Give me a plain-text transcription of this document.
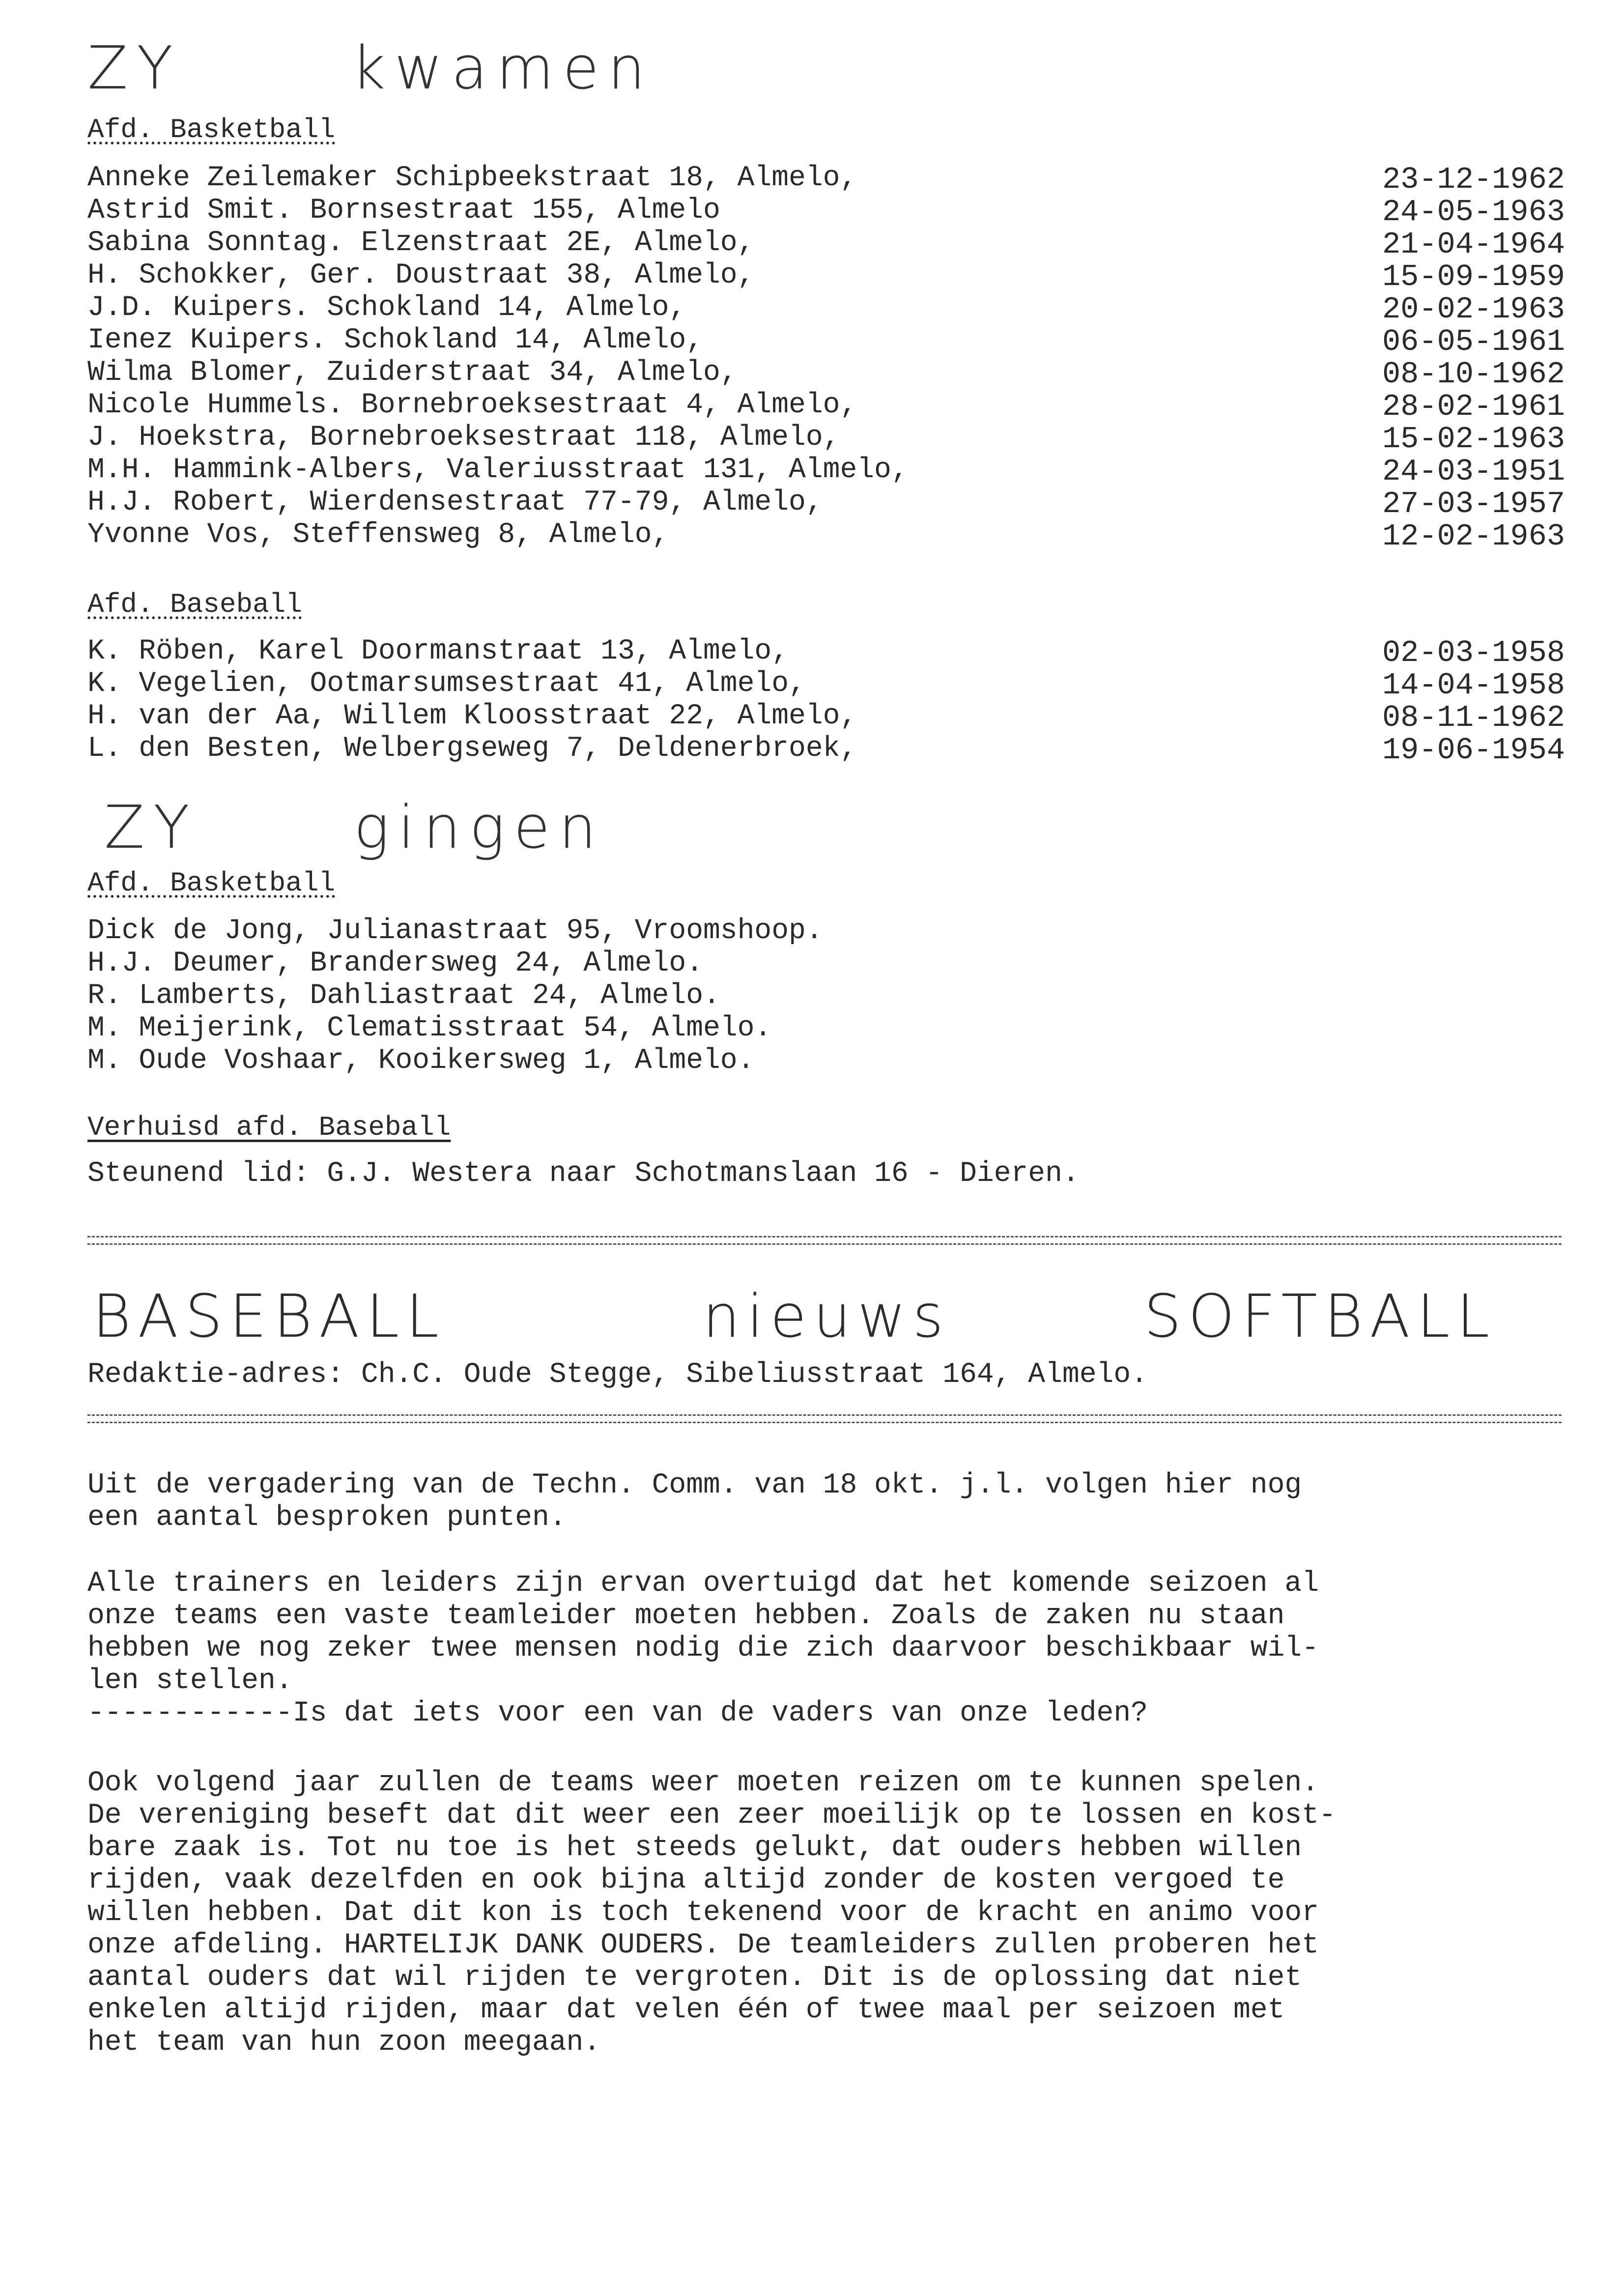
ZY	kwamen
Afd. Basketball
Anneke Zeilemaker Schipbeekstraat 18, Almelo,	23-12-1962
Astrid Smit. Bornsestraat 155, Almelo	24-05-1963
Sabina Sonntag. Elzenstraat 2E, Almelo,	21-04-1964
H. Schokker, Ger. Doustraat 38, Almelo,	15-09-1959
J.D. Kuipers. Schokland 14, Almelo,	20-02-1963
Ienez Kuipers. Schokland 14, Almelo,	06-05-1961
Wilma Blomer, Zuiderstraat 34, Almelo,	08-10-1962
Nicole Hummels. Bornebroeksestraat 4, Almelo,	28-02-1961
J. Hoekstra, Bornebroeksestraat 118, Almelo,	15-02-1963
M.H. Hammink-Albers, Valeriusstraat 131, Almelo,	24-03-1951
H.J. Robert, Wierdensestraat 77-79, Almelo,	27-03-1957
Yvonne Vos, Steffensweg 8, Almelo,	12-02-1963
Afd. Baseball
K. Röben, Karel Doormanstraat 13, Almelo,	02-03-1958
K. Vegelien, Ootmarsumsestraat 41, Almelo,	14-04-1958
H. van der Aa, Willem Kloosstraat 22, Almelo,	08-11-1962
L. den Besten, Welbergseweg 7, Deldenerbroek,	19-06-1954
ZY	gingen
Afd. Basketball
Dick de Jong, Julianastraat 95, Vroomshoop.
H.J. Deumer, Brandersweg 24, Almelo.
R. Lamberts, Dahliastraat 24, Almelo.
M. Meijerink, Clematisstraat 54, Almelo.
M. Oude Voshaar, Kooikersweg 1, Almelo.
Verhuisd afd. Baseball
Steunend lid: G.J. Westera naar Schotmanslaan 16 - Dieren.
BASEBALL	nieuws	SOFTBALL
Redaktie-adres: Ch.C. Oude Stegge, Sibeliusstraat 164, Almelo.
Uit de vergadering van de Techn. Comm. van 18 okt. j.l. volgen hier nog
een aantal besproken punten.
Alle trainers en leiders zijn ervan overtuigd dat het komende seizoen al
onze teams een vaste teamleider moeten hebben. Zoals de zaken nu staan
hebben we nog zeker twee mensen nodig die zich daarvoor beschikbaar wil-
len stellen.
------------Is dat iets voor een van de vaders van onze leden?
Ook volgend jaar zullen de teams weer moeten reizen om te kunnen spelen.
De vereniging beseft dat dit weer een zeer moeilijk op te lossen en kost-
bare zaak is. Tot nu toe is het steeds gelukt, dat ouders hebben willen
rijden, vaak dezelfden en ook bijna altijd zonder de kosten vergoed te
willen hebben. Dat dit kon is toch tekenend voor de kracht en animo voor
onze afdeling. HARTELIJK DANK OUDERS. De teamleiders zullen proberen het
aantal ouders dat wil rijden te vergroten. Dit is de oplossing dat niet
enkelen altijd rijden, maar dat velen één of twee maal per seizoen met
het team van hun zoon meegaan.
